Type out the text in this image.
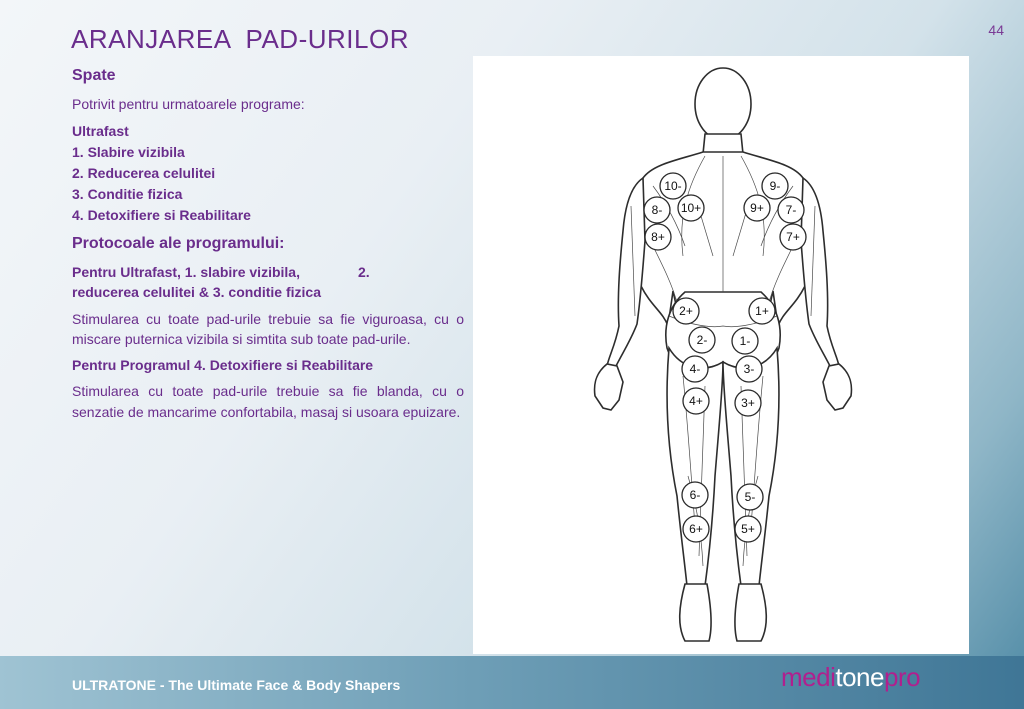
ARANJAREA  PAD-URILOR	44
Spate
Potrivit pentru urmatoarele programe:
Ultrafast
1. Slabire vizibila
2. Reducerea celulitei
3. Conditie fizica
4. Detoxifiere si Reabilitare
Protocoale ale programului:
Pentru Ultrafast, 1. slabire vizibila,	2.
reducerea celulitei & 3. conditie fizica
Stimularea cu toate pad-urile trebuie sa fie viguroasa, cu o miscare puternica vizibila si simtita sub toate pad-urile.
Pentru Programul 4. Detoxifiere si Reabilitare
Stimularea cu toate pad-urile trebuie sa fie blanda, cu o senzatie de mancarime confortabila, masaj si usoara epuizare.
10-	9-
10+	9+
8-	7-
8+	7+
2+	1+
2-	1-
4-	3-
4+	3+
6-	5-
6+	5+
ULTRATONE - The Ultimate Face & Body Shapers	meditonepro
